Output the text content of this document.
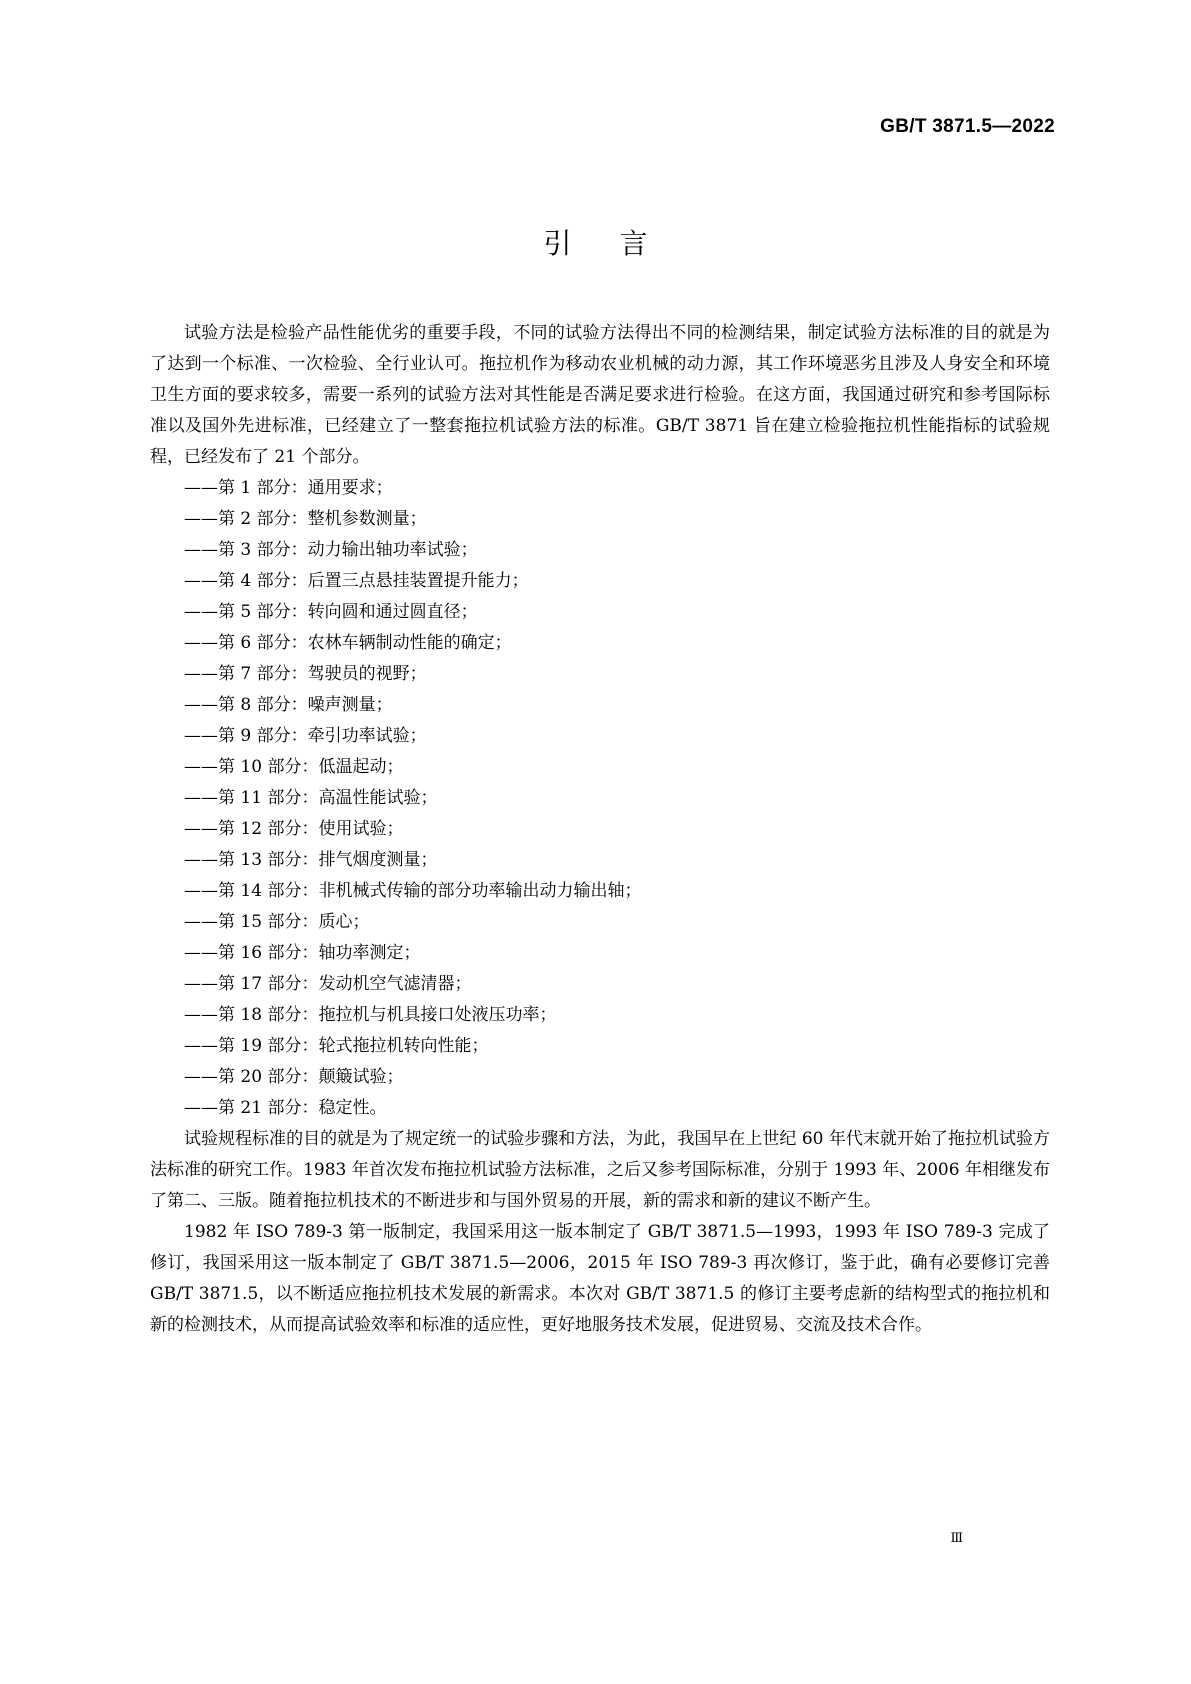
GB/T 3871.5—2022
引言

试验方法是检验产品性能优劣的重要手段，不同的试验方法得出不同的检测结果，制定试验方法标准的目的就是为了达到一个标准、一次检验、全行业认可。拖拉机作为移动农业机械的动力源，其工作环境恶劣且涉及人身安全和环境卫生方面的要求较多，需要一系列的试验方法对其性能是否满足要求进行检验。在这方面，我国通过研究和参考国际标准以及国外先进标准，已经建立了一整套拖拉机试验方法的标准。GB/T 3871 旨在建立检验拖拉机性能指标的试验规程，已经发布了 21 个部分。

——第 1 部分：通用要求；

——第 2 部分：整机参数测量；

——第 3 部分：动力输出轴功率试验；

——第 4 部分：后置三点悬挂装置提升能力；

——第 5 部分：转向圆和通过圆直径；

——第 6 部分：农林车辆制动性能的确定；

——第 7 部分：驾驶员的视野；

——第 8 部分：噪声测量；

——第 9 部分：牵引功率试验；

——第 10 部分：低温起动；

——第 11 部分：高温性能试验；

——第 12 部分：使用试验；

——第 13 部分：排气烟度测量；

——第 14 部分：非机械式传输的部分功率输出动力输出轴；

——第 15 部分：质心；

——第 16 部分：轴功率测定；

——第 17 部分：发动机空气滤清器；

——第 18 部分：拖拉机与机具接口处液压功率；

——第 19 部分：轮式拖拉机转向性能；

——第 20 部分：颠簸试验；

——第 21 部分：稳定性。

试验规程标准的目的就是为了规定统一的试验步骤和方法，为此，我国早在上世纪 60 年代末就开始了拖拉机试验方法标准的研究工作。1983 年首次发布拖拉机试验方法标准，之后又参考国际标准，分别于 1993 年、2006 年相继发布了第二、三版。随着拖拉机技术的不断进步和与国外贸易的开展，新的需求和新的建议不断产生。

1982 年 ISO 789-3 第一版制定，我国采用这一版本制定了 GB/T 3871.5—1993，1993 年 ISO 789-3 完成了修订，我国采用这一版本制定了 GB/T 3871.5—2006，2015 年 ISO 789-3 再次修订，鉴于此，确有必要修订完善 GB/T 3871.5，以不断适应拖拉机技术发展的新需求。本次对 GB/T 3871.5 的修订主要考虑新的结构型式的拖拉机和新的检测技术，从而提高试验效率和标准的适应性，更好地服务技术发展，促进贸易、交流及技术合作。

Ⅲ
